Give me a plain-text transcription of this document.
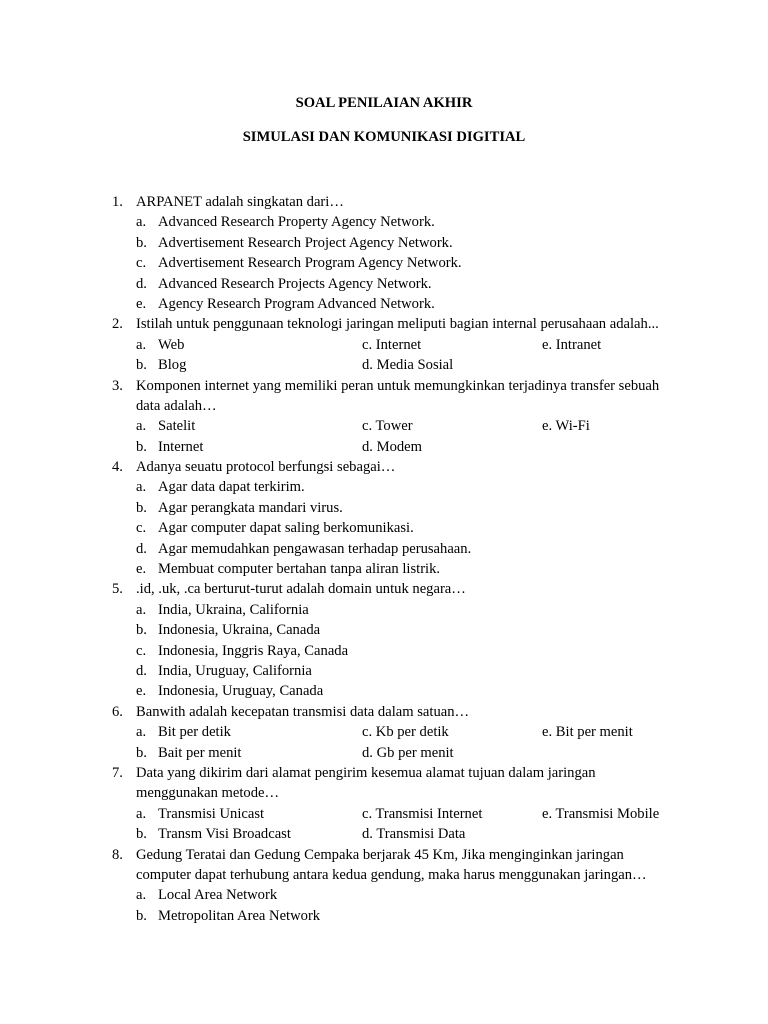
SOAL PENILAIAN AKHIR
SIMULASI DAN KOMUNIKASI DIGITIAL
1. ARPANET adalah singkatan dari…
a. Advanced Research Property Agency Network.
b. Advertisement Research Project Agency Network.
c. Advertisement Research Program Agency Network.
d. Advanced Research Projects Agency Network.
e. Agency Research Program Advanced Network.
2. Istilah untuk penggunaan teknologi jaringan meliputi bagian internal perusahaan adalah...
a. Web	c. Internet	e. Intranet
b. Blog	d. Media Sosial
3. Komponen internet yang memiliki peran untuk memungkinkan terjadinya transfer sebuah
data adalah…
a. Satelit	c. Tower	e. Wi-Fi
b. Internet	d. Modem
4. Adanya seuatu protocol berfungsi sebagai…
a. Agar data dapat terkirim.
b. Agar perangkata mandari virus.
c. Agar computer dapat saling berkomunikasi.
d. Agar memudahkan pengawasan terhadap perusahaan.
e. Membuat computer bertahan tanpa aliran listrik.
5. .id, .uk, .ca berturut-turut adalah domain untuk negara…
a. India, Ukraina, California
b. Indonesia, Ukraina, Canada
c. Indonesia, Inggris Raya, Canada
d. India, Uruguay, California
e. Indonesia, Uruguay, Canada
6. Banwith adalah kecepatan transmisi data dalam satuan…
a. Bit per detik	c. Kb per detik	e. Bit per menit
b. Bait per menit	d. Gb per menit
7. Data yang dikirim dari alamat pengirim kesemua alamat tujuan dalam jaringan
menggunakan metode…
a. Transmisi Unicast	c. Transmisi Internet	e. Transmisi Mobile
b. Transm Visi Broadcast	d. Transmisi Data
8. Gedung Teratai dan Gedung Cempaka berjarak 45 Km, Jika menginginkan jaringan
computer dapat terhubung antara kedua gendung, maka harus menggunakan jaringan…
a. Local Area Network
b. Metropolitan Area Network
